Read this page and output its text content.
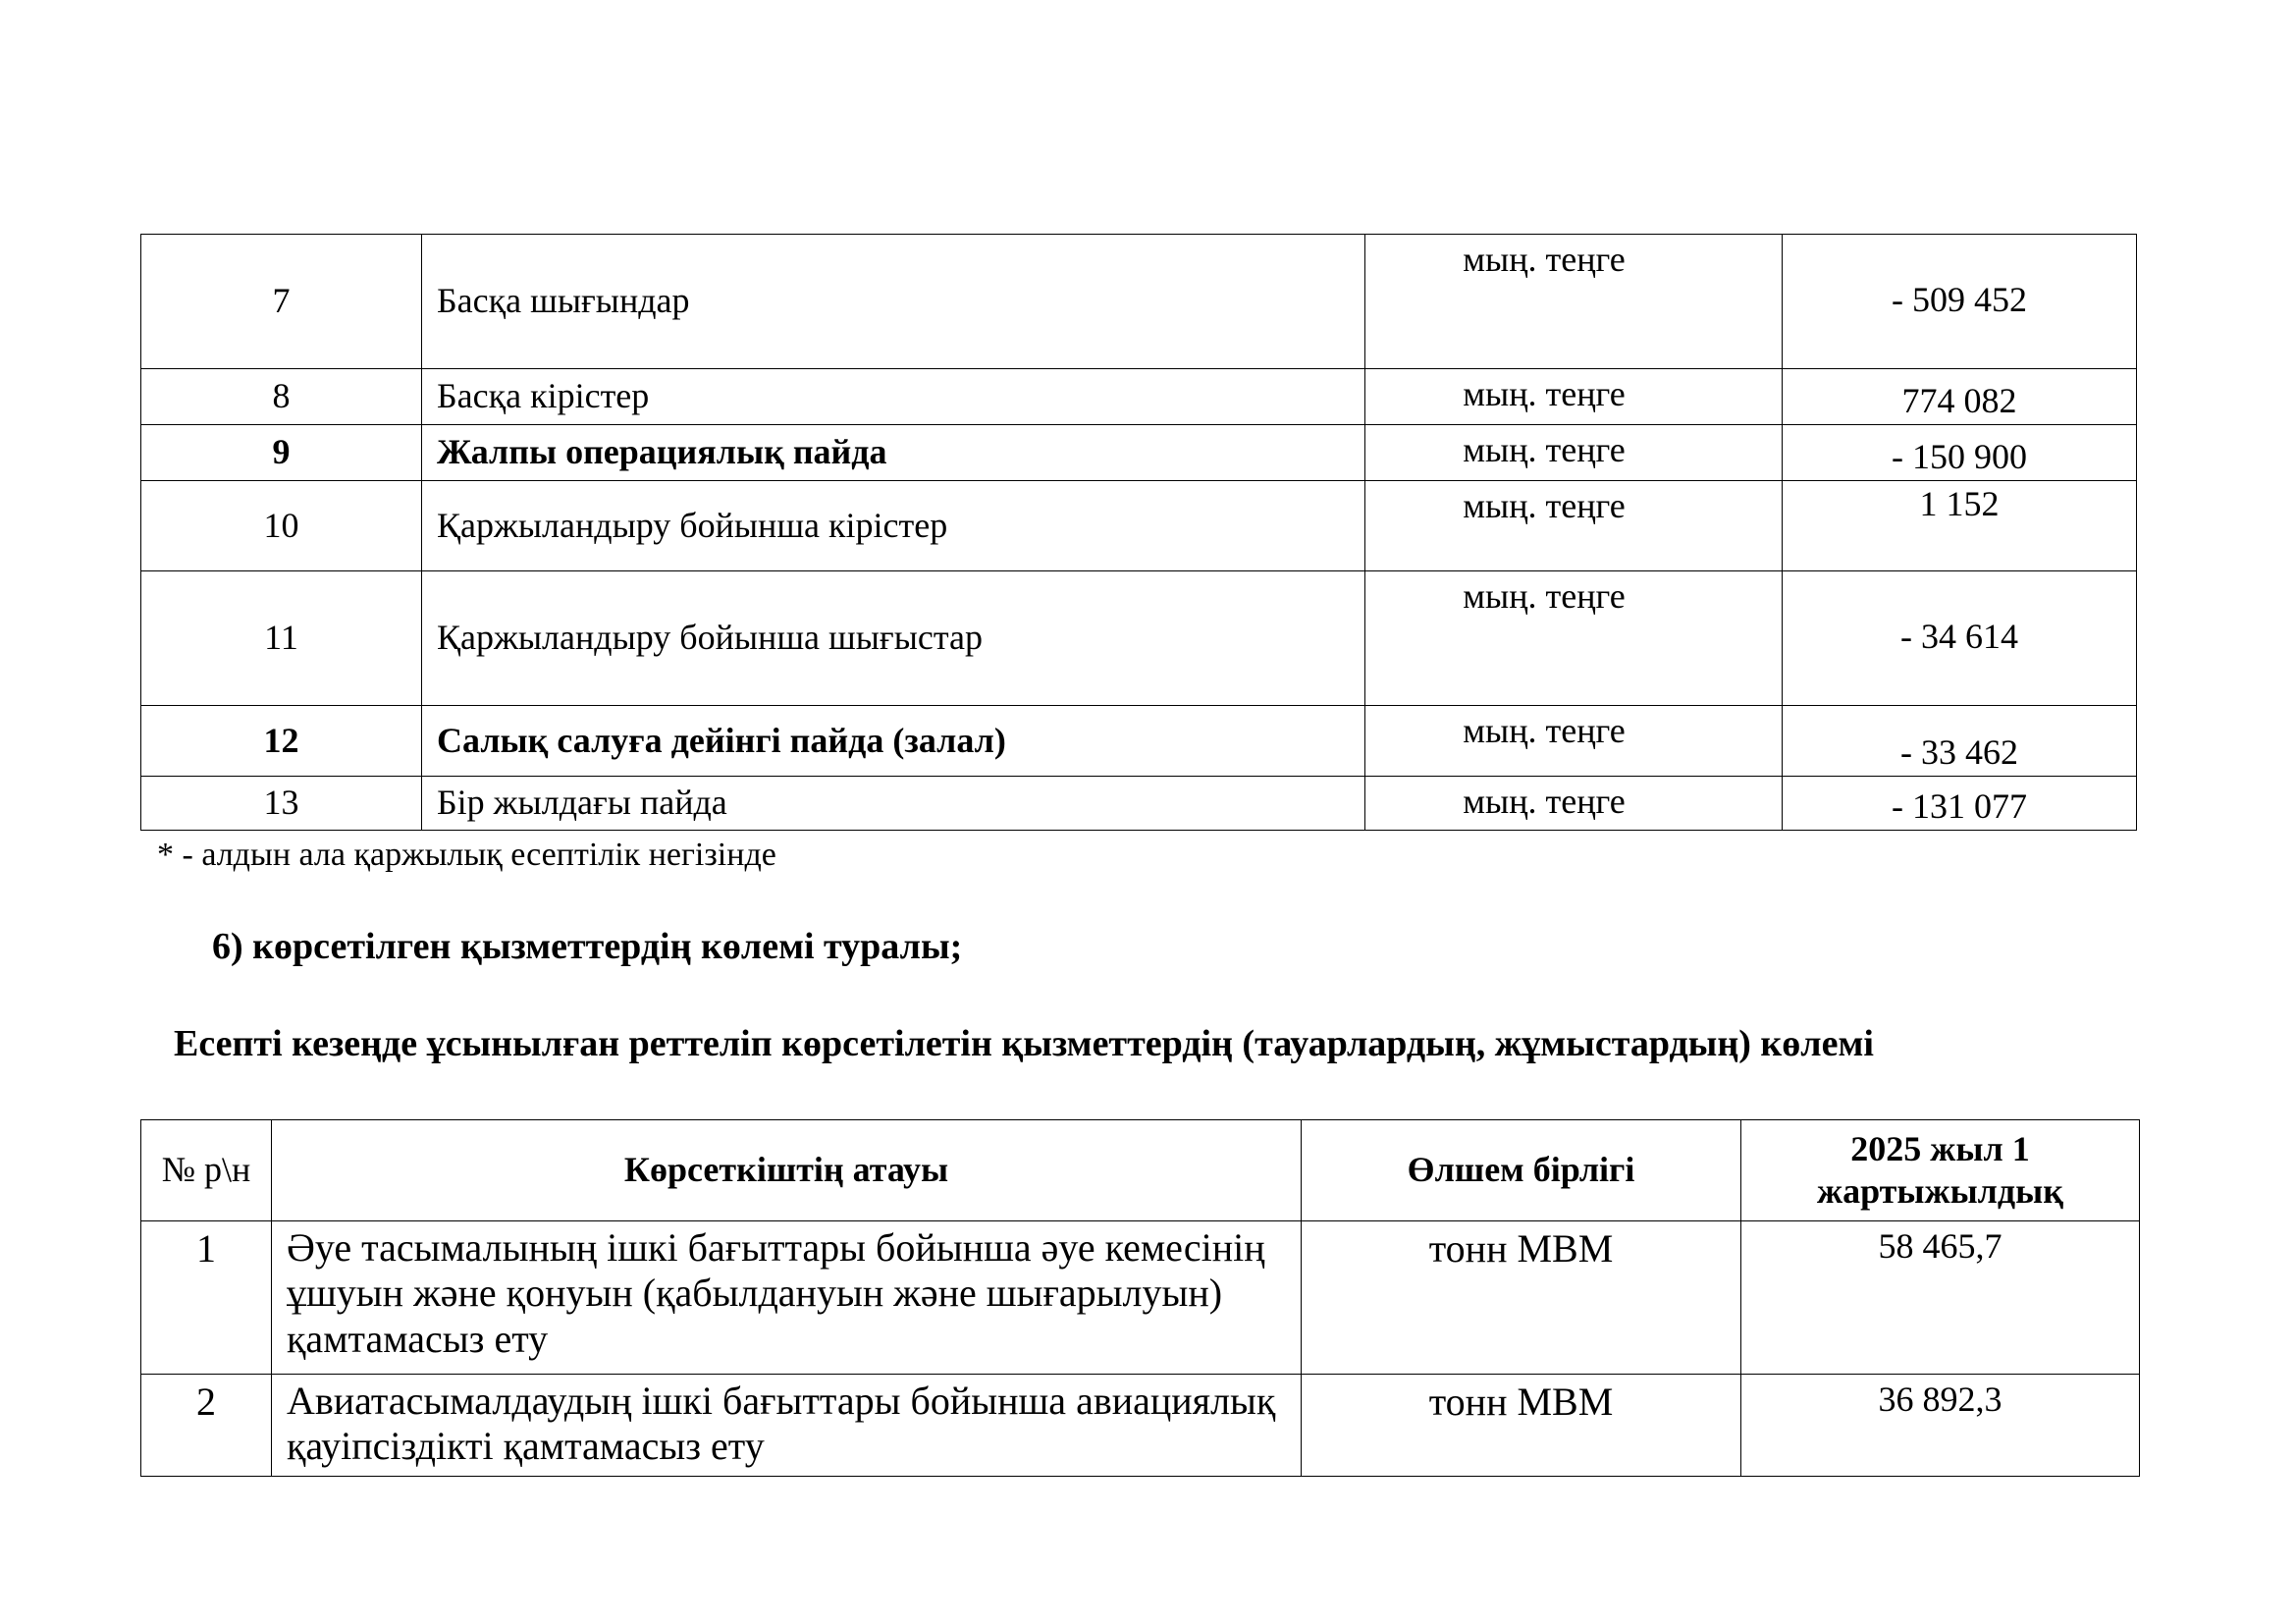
7	Басқа шығындар	мың. теңге	- 509 452
8	Басқа кірістер	мың. теңге	774 082
9	Жалпы операциялық пайда	мың. теңге	- 150 900
10	Қаржыландыру бойынша кірістер	мың. теңге	1 152
11	Қаржыландыру бойынша шығыстар	мың. теңге	- 34 614
12	Салық салуға дейінгі пайда (залал)	мың. теңге	- 33 462
13	Бір жылдағы пайда	мың. теңге	- 131 077
* - алдын ала қаржылық есептілік негізінде
6) көрсетілген қызметтердің көлемі туралы;
Есепті кезеңде ұсынылған реттеліп көрсетілетін қызметтердің (тауарлардың, жұмыстардың) көлемі
№ р\н	Көрсеткіштің атауы	Өлшем бірлігі	2025 жыл 1 жартыжылдық
1	Әуе тасымалының ішкі бағыттары бойынша әуе кемесінің ұшуын және қонуын (қабылдануын және шығарылуын) қамтамасыз ету	тонн МВМ	58 465,7
2	Авиатасымалдаудың ішкі бағыттары бойынша авиациялық қауіпсіздікті қамтамасыз ету	тонн МВМ	36 892,3
